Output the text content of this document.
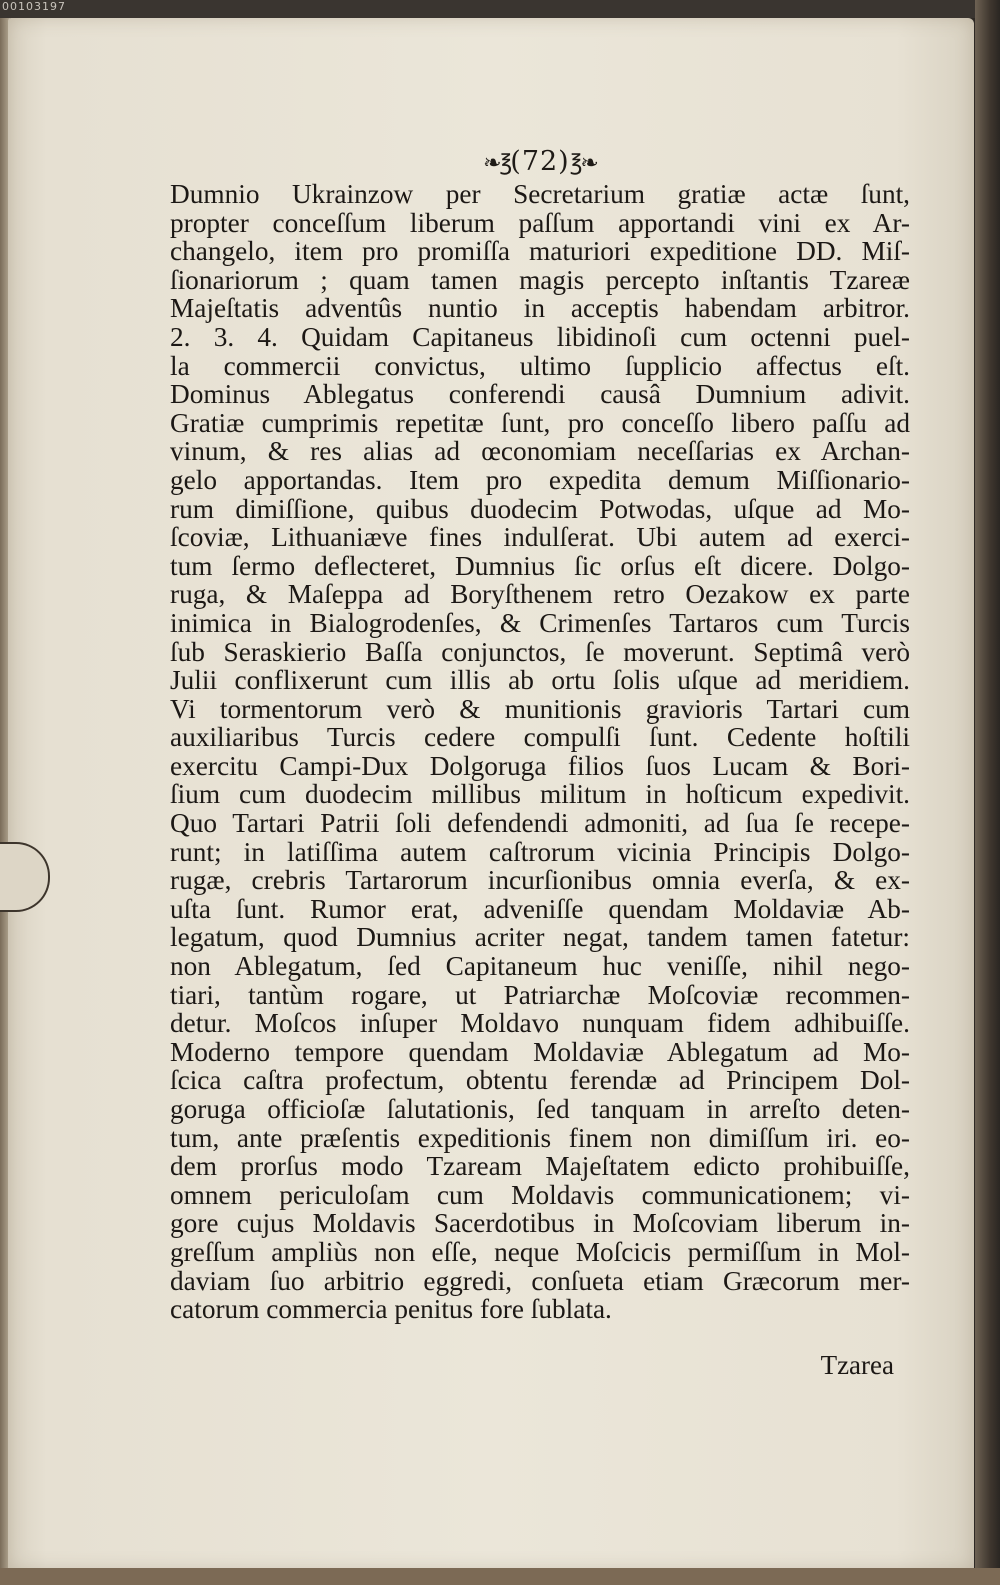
00103197
❧℥(72)℥❧
Dumnio Ukrainzow per Secretarium gratiæ actæ ſunt,
propter conceſſum liberum paſſum apportandi vini ex Ar-
changelo, item pro promiſſa maturiori expeditione DD. Miſ-
ſionariorum ; quam tamen magis percepto inſtantis Tzareæ
Majeſtatis adventûs nuntio in acceptis habendam arbitror.
2. 3. 4. Quidam Capitaneus libidinoſi cum octenni puel-
la commercii convictus, ultimo ſupplicio affectus eſt.
Dominus Ablegatus conferendi causâ Dumnium adivit.
Gratiæ cumprimis repetitæ ſunt, pro conceſſo libero paſſu ad
vinum, & res alias ad œconomiam neceſſarias ex Archan-
gelo apportandas. Item pro expedita demum Miſſionario-
rum dimiſſione, quibus duodecim Potwodas, uſque ad Mo-
ſcoviæ, Lithuaniæve fines indulſerat. Ubi autem ad exerci-
tum ſermo deflecteret, Dumnius ſic orſus eſt dicere. Dolgo-
ruga, & Maſeppa ad Boryſthenem retro Oezakow ex parte
inimica in Bialogrodenſes, & Crimenſes Tartaros cum Turcis
ſub Seraskierio Baſſa conjunctos, ſe moverunt. Septimâ verò
Julii conflixerunt cum illis ab ortu ſolis uſque ad meridiem.
Vi tormentorum verò & munitionis gravioris Tartari cum
auxiliaribus Turcis cedere compulſi ſunt. Cedente hoſtili
exercitu Campi-Dux Dolgoruga filios ſuos Lucam & Bori-
ſium cum duodecim millibus militum in hoſticum expedivit.
Quo Tartari Patrii ſoli defendendi admoniti, ad ſua ſe recepe-
runt; in latiſſima autem caſtrorum vicinia Principis Dolgo-
rugæ, crebris Tartarorum incurſionibus omnia everſa, & ex-
uſta ſunt. Rumor erat, adveniſſe quendam Moldaviæ Ab-
legatum, quod Dumnius acriter negat, tandem tamen fatetur:
non Ablegatum, ſed Capitaneum huc veniſſe, nihil nego-
tiari, tantùm rogare, ut Patriarchæ Moſcoviæ recommen-
detur. Moſcos inſuper Moldavo nunquam fidem adhibuiſſe.
Moderno tempore quendam Moldaviæ Ablegatum ad Mo-
ſcica caſtra profectum, obtentu ferendæ ad Principem Dol-
goruga officioſæ ſalutationis, ſed tanquam in arreſto deten-
tum, ante præſentis expeditionis finem non dimiſſum iri. eo-
dem prorſus modo Tzaream Majeſtatem edicto prohibuiſſe,
omnem periculoſam cum Moldavis communicationem; vi-
gore cujus Moldavis Sacerdotibus in Moſcoviam liberum in-
greſſum ampliùs non eſſe, neque Moſcicis permiſſum in Mol-
daviam ſuo arbitrio eggredi, conſueta etiam Græcorum mer-
catorum commercia penitus fore ſublata.
Tzarea
